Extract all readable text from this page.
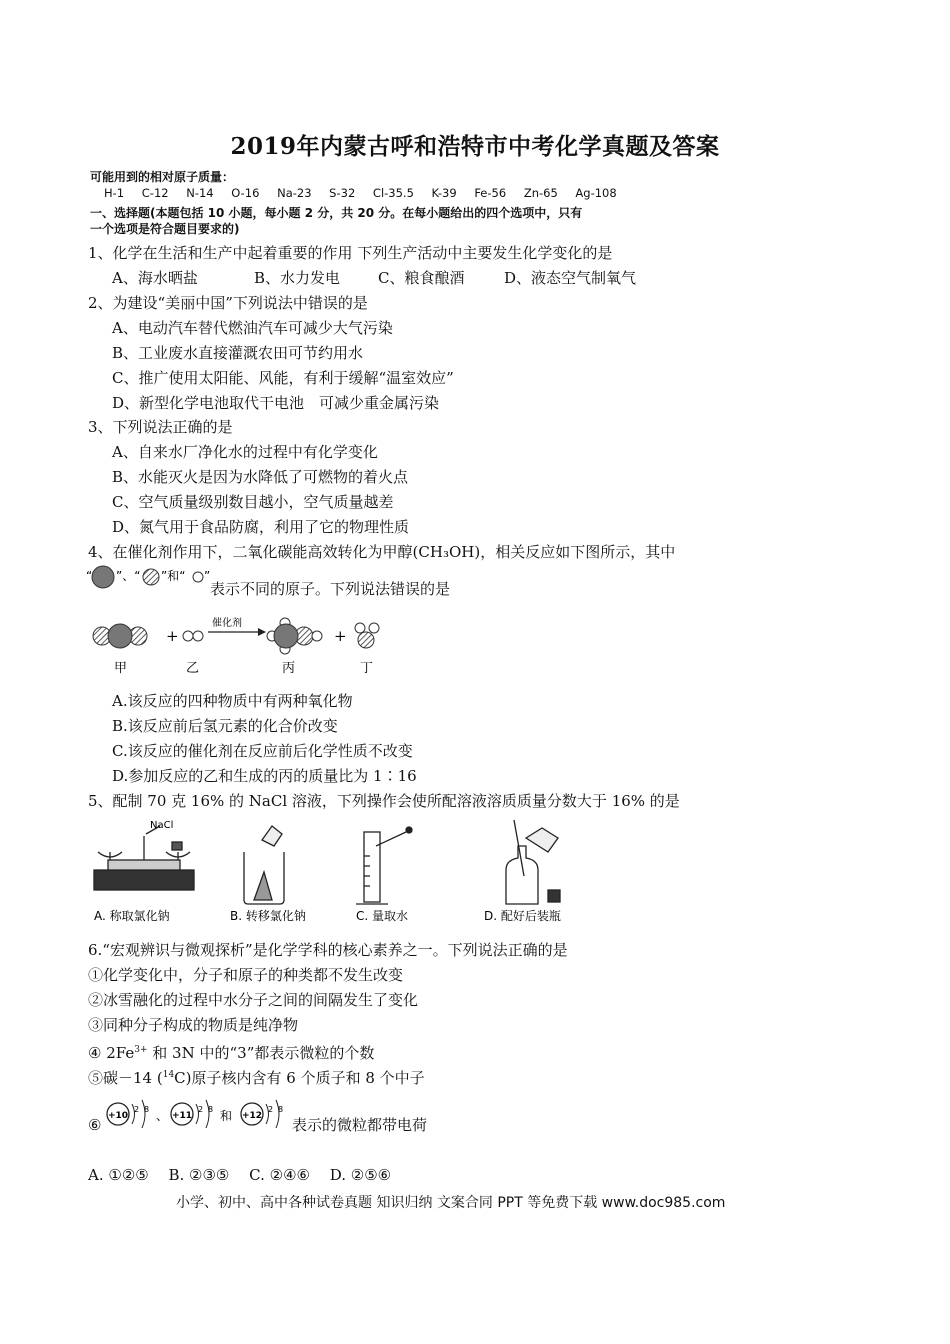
2019年内蒙古呼和浩特市中考化学真题及答案
可能用到的相对原子质量：
H-1 C-12 N-14 O-16 Na-23 S-32 Cl-35.5 K-39 Fe-56 Zn-65 Ag-108
一、选择题(本题包括 10 小题，每小题 2 分，共 20 分。在每小题给出的四个选项中，只有
一个选项是符合题目要求的)
1、化学在生活和生产中起着重要的作用 下列生产活动中主要发生化学变化的是
A、海水晒盐	B、水力发电	C、粮食酿酒	D、液态空气制氧气
2、为建设“美丽中国”下列说法中错误的是
A、电动汽车替代燃油汽车可减少大气污染
B、工业废水直接灌溉农田可节约用水
C、推广使用太阳能、风能，有利于缓解“温室效应”
D、新型化学电池取代干电池　可减少重金属污染
3、下列说法正确的是
A、自来水厂净化水的过程中有化学变化
B、水能灭火是因为水降低了可燃物的着火点
C、空气质量级别数目越小，空气质量越差
D、氮气用于食品防腐，利用了它的物理性质
4、在催化剂作用下，二氧化碳能高效转化为甲醇(CH₃OH)，相关反应如下图所示，其中
“ ”、“ ”和“ ”
表示不同的原子。下列说法错误的是
+
催化剂
+
甲	乙	丙	丁
A.该反应的四种物质中有两种氧化物
B.该反应前后氢元素的化合价改变
C.该反应的催化剂在反应前后化学性质不改变
D.参加反应的乙和生成的丙的质量比为 1∶16
5、配制 70 克 16% 的 NaCl 溶液，下列操作会使所配溶液溶质质量分数大于 16% 的是
NaCl
A. 称取氯化钠	B. 转移氯化钠	C. 量取水	D. 配好后装瓶
6.“宏观辨识与微观探析”是化学学科的核心素养之一。下列说法正确的是
①化学变化中，分子和原子的种类都不发生改变
②冰雪融化的过程中水分子之间的间隔发生了变化
③同种分子构成的物质是纯净物
④ $2Fe^{3+}$ 和 3N 中的“3”都表示微粒的个数
⑤碳－14 ($^{14}$C)原子核内含有 6 个质子和 8 个中子
⑥ +10
2 8 、 +11
2 8 和 +12
2 8
表示的微粒都带电荷
A. ①②⑤　 B. ②③⑤　 C. ②④⑥　 D. ②⑤⑥
小学、初中、高中各种试卷真题 知识归纳 文案合同 PPT 等免费下载 www.doc985.com
